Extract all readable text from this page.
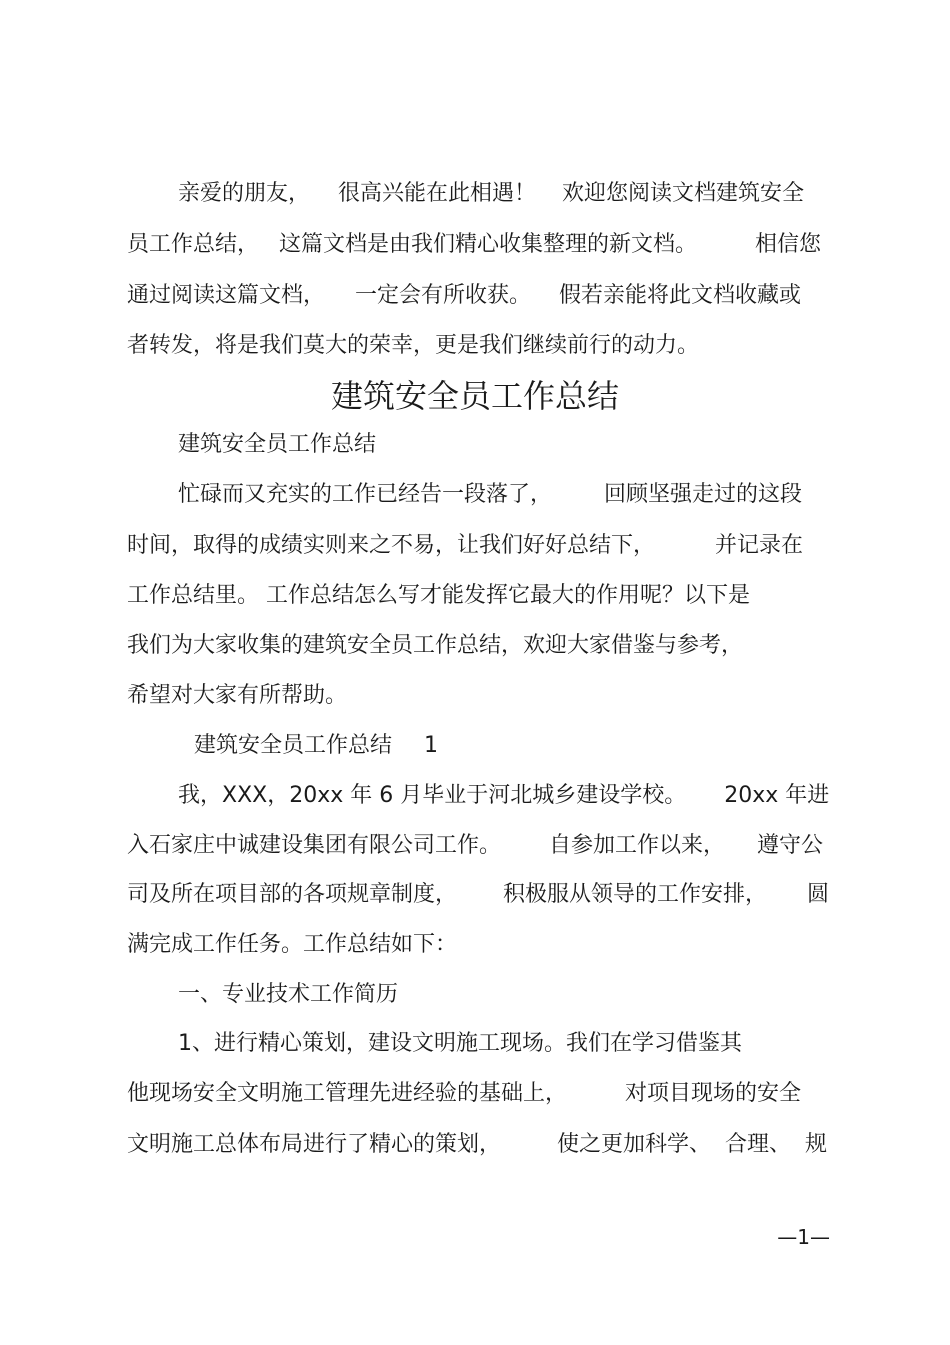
亲爱的朋友， 很高兴能在此相遇！ 欢迎您阅读文档建筑安全
员工作总结， 这篇文档是由我们精心收集整理的新文档。	相信您
通过阅读这篇文档， 一定会有所收获。 假若亲能将此文档收藏或
者转发，将是我们莫大的荣幸，更是我们继续前行的动力。
建筑安全员工作总结
建筑安全员工作总结
忙碌而又充实的工作已经告一段落了， 回顾坚强走过的这段
时间，取得的成绩实则来之不易，让我们好好总结下，	并记录在
工作总结里。 工作总结怎么写才能发挥它最大的作用呢？以下是
我们为大家收集的建筑安全员工作总结，欢迎大家借鉴与参考，
希望对大家有所帮助。
建筑安全员工作总结 1
我，XXX，20xx 年 6 月毕业于河北城乡建设学校。 20xx 年进
入石家庄中诚建设集团有限公司工作。 自参加工作以来， 遵守公
司及所在项目部的各项规章制度， 积极服从领导的工作安排， 圆
满完成工作任务。工作总结如下：
一、专业技术工作简历
1、进行精心策划，建设文明施工现场。我们在学习借鉴其
他现场安全文明施工管理先进经验的基础上，	对项目现场的安全
文明施工总体布局进行了精心的策划，	使之更加科学、 合理、 规
—1—
